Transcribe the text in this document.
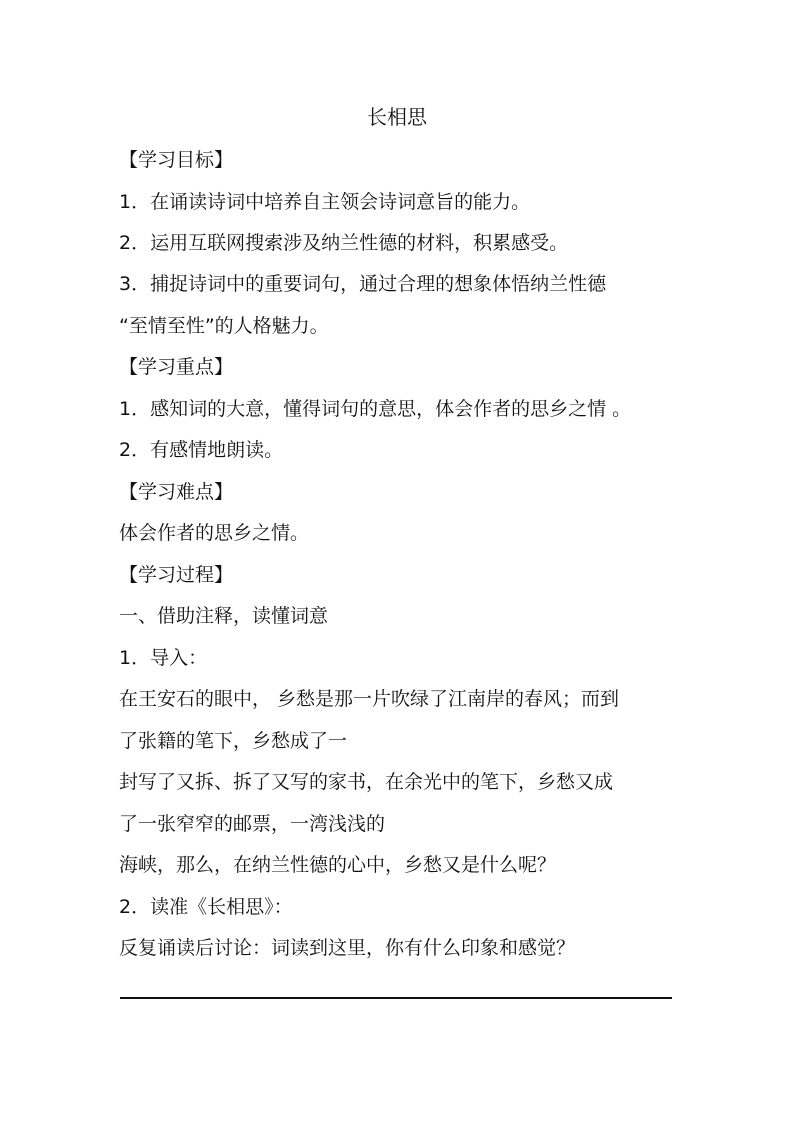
长相思
【学习目标】
1．在诵读诗词中培养自主领会诗词意旨的能力。
2．运用互联网搜索涉及纳兰性德的材料，积累感受。
3．捕捉诗词中的重要词句，通过合理的想象体悟纳兰性德
“至情至性”的人格魅力。
【学习重点】
1．感知词的大意，懂得词句的意思，体会作者的思乡之情 。
2．有感情地朗读。
【学习难点】
体会作者的思乡之情。
【学习过程】
一、借助注释，读懂词意
1．导入：
在王安石的眼中， 乡愁是那一片吹绿了江南岸的春风；而到
了张籍的笔下，乡愁成了一
封写了又拆、拆了又写的家书，在余光中的笔下，乡愁又成
了一张窄窄的邮票，一湾浅浅的
海峡，那么，在纳兰性德的心中，乡愁又是什么呢？
2．读准《长相思》：
反复诵读后讨论：词读到这里，你有什么印象和感觉？
